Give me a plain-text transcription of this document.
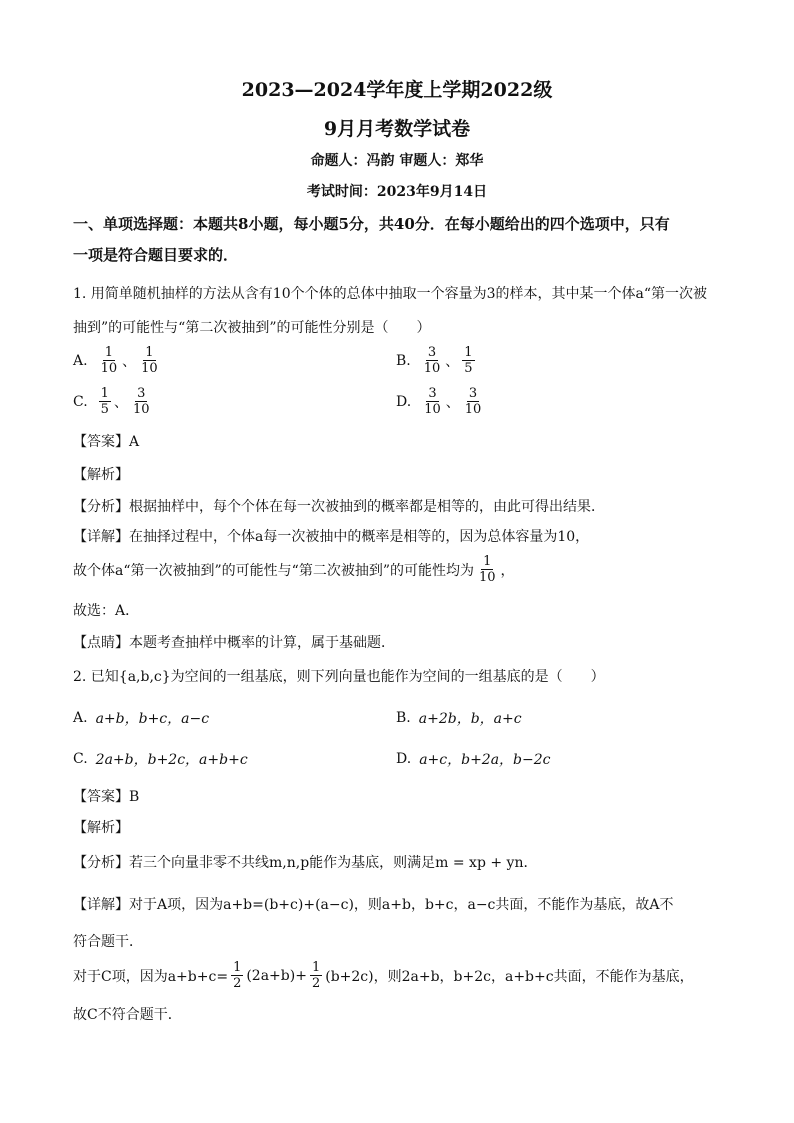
2023—2024学年度上学期2022级
9月月考数学试卷
命题人：冯韵 审题人：郑华
考试时间：2023年9月14日
一、单项选择题：本题共8小题，每小题5分，共40分．在每小题给出的四个选项中，只有
一项是符合题目要求的．
1. 用简单随机抽样的方法从含有10个个体的总体中抽取一个容量为3的样本，其中某一个体a“第一次被
抽到”的可能性与“第二次被抽到”的可能性分别是（　　）
A. $\frac{1}{10}$ 、 $\frac{1}{10}$	B. $\frac{3}{10}$ 、 $\frac{1}{5}$
C. $\frac{1}{5}$ 、 $\frac{3}{10}$	D. $\frac{3}{10}$ 、 $\frac{3}{10}$
【答案】A
【解析】
【分析】根据抽样中，每个个体在每一次被抽到的概率都是相等的，由此可得出结果．
【详解】在抽择过程中，个体a每一次被抽中的概率是相等的，因为总体容量为10，
故个体a“第一次被抽到”的可能性与“第二次被抽到”的可能性均为 $\frac{1}{10}$ ，
故选：A．
【点睛】本题考查抽样中概率的计算，属于基础题．
2. 已知{a,b,c}为空间的一组基底，则下列向量也能作为空间的一组基底的是（　　）
A. a+b，b+c，a−c	B. a+2b，b，a+c
C. 2a+b，b+2c，a+b+c	D. a+c，b+2a，b−2c
【答案】B
【解析】
【分析】若三个向量非零不共线m,n,p能作为基底，则满足m = xp + yn．
【详解】对于A项，因为a+b=(b+c)+(a−c)，则a+b，b+c，a−c共面，不能作为基底，故A不
符合题干．
对于C项，因为$a+b+c= \frac{1}{2} (2a+b)+ \frac{1}{2} (b+2c)$，则2a+b，b+2c，a+b+c共面，不能作为基底，
故C不符合题干．
